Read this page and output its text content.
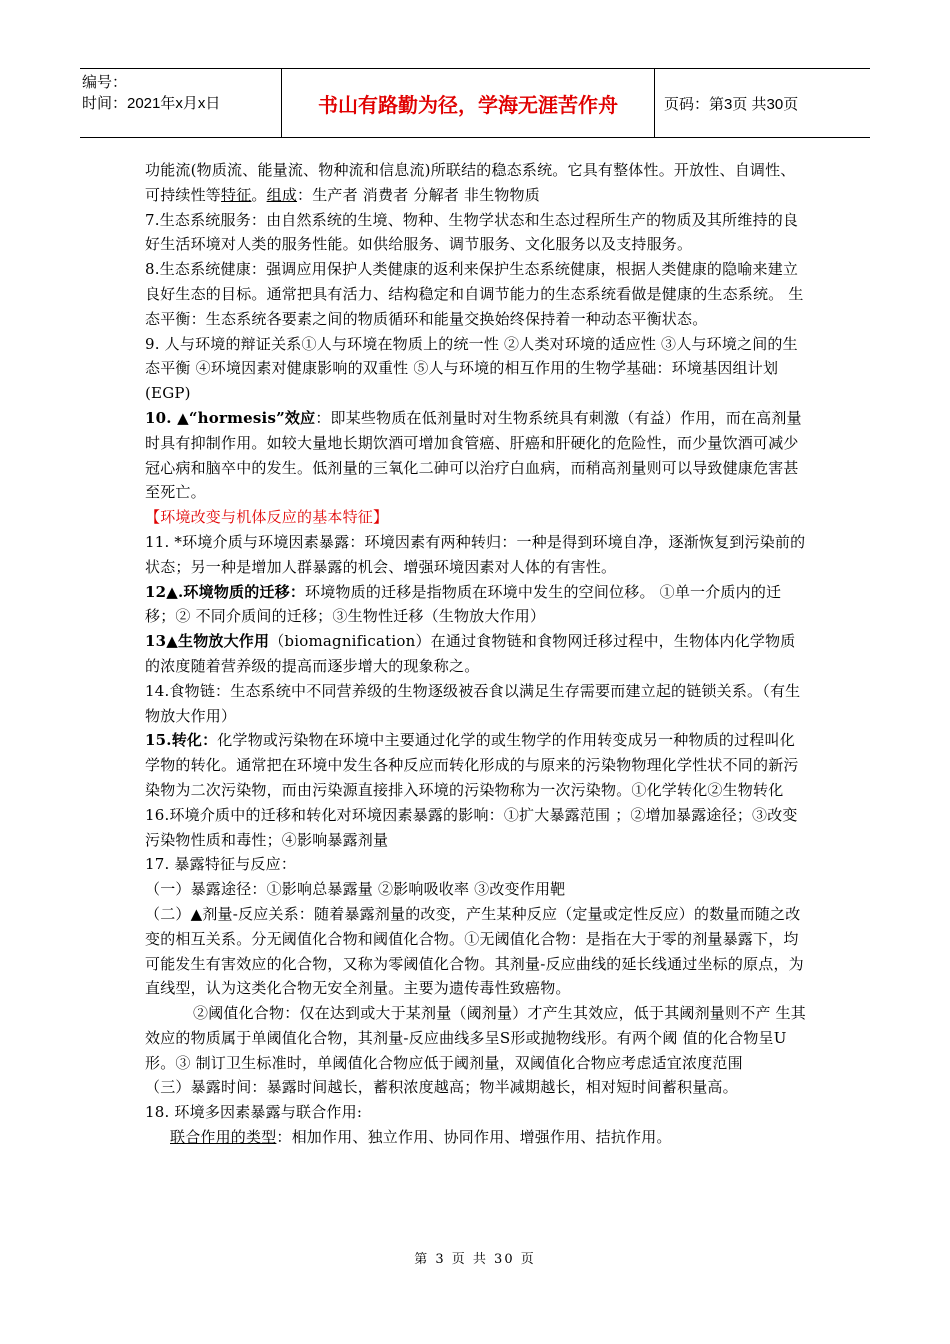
编号：
时间：2021年x月x日	书山有路勤为径，学海无涯苦作舟	页码：第3页 共30页

功能流(物质流、能量流、物种流和信息流)所联结的稳态系统。它具有整体性。开放性、自调性、可持续性等特征。组成：生产者 消费者 分解者 非生物物质

7.生态系统服务：由自然系统的生境、物种、生物学状态和生态过程所生产的物质及其所维持的良好生活环境对人类的服务性能。如供给服务、调节服务、文化服务以及支持服务。

8.生态系统健康：强调应用保护人类健康的返利来保护生态系统健康，根据人类健康的隐喻来建立良好生态的目标。通常把具有活力、结构稳定和自调节能力的生态系统看做是健康的生态系统。 生态平衡：生态系统各要素之间的物质循环和能量交换始终保持着一种动态平衡状态。

9. 人与环境的辩证关系①人与环境在物质上的统一性 ②人类对环境的适应性 ③人与环境之间的生态平衡 ④环境因素对健康影响的双重性 ⑤人与环境的相互作用的生物学基础：环境基因组计划 (EGP)

10. ▲“hormesis”效应：即某些物质在低剂量时对生物系统具有刺激（有益）作用，而在高剂量时具有抑制作用。如较大量地长期饮酒可增加食管癌、肝癌和肝硬化的危险性，而少量饮酒可减少冠心病和脑卒中的发生。低剂量的三氧化二砷可以治疗白血病，而稍高剂量则可以导致健康危害甚至死亡。

【环境改变与机体反应的基本特征】

11. *环境介质与环境因素暴露：环境因素有两种转归：一种是得到环境自净，逐渐恢复到污染前的状态；另一种是增加人群暴露的机会、增强环境因素对人体的有害性。

12▲.环境物质的迁移：环境物质的迁移是指物质在环境中发生的空间位移。 ①单一介质内的迁移；② 不同介质间的迁移；③生物性迁移（生物放大作用）

13▲生物放大作用（biomagnification）在通过食物链和食物网迁移过程中，生物体内化学物质的浓度随着营养级的提高而逐步增大的现象称之。

14.食物链：生态系统中不同营养级的生物逐级被吞食以满足生存需要而建立起的链锁关系。（有生物放大作用）

15.转化：化学物或污染物在环境中主要通过化学的或生物学的作用转变成另一种物质的过程叫化学物的转化。通常把在环境中发生各种反应而转化形成的与原来的污染物物理化学性状不同的新污染物为二次污染物，而由污染源直接排入环境的污染物称为一次污染物。①化学转化②生物转化

16.环境介质中的迁移和转化对环境因素暴露的影响：①扩大暴露范围 ；②增加暴露途径；③改变污染物性质和毒性；④影响暴露剂量

17. 暴露特征与反应：

（一）暴露途径：①影响总暴露量 ②影响吸收率 ③改变作用靶

（二）▲剂量-反应关系：随着暴露剂量的改变，产生某种反应（定量或定性反应）的数量而随之改变的相互关系。分无阈值化合物和阈值化合物。①无阈值化合物：是指在大于零的剂量暴露下，均可能发生有害效应的化合物，又称为零阈值化合物。其剂量-反应曲线的延长线通过坐标的原点，为直线型，认为这类化合物无安全剂量。主要为遗传毒性致癌物。

②阈值化合物：仅在达到或大于某剂量（阈剂量）才产生其效应，低于其阈剂量则不产 生其效应的物质属于单阈值化合物，其剂量-反应曲线多呈S形或抛物线形。有两个阈 值的化合物呈U形。③ 制订卫生标准时，单阈值化合物应低于阈剂量，双阈值化合物应考虑适宜浓度范围

（三）暴露时间：暴露时间越长，蓄积浓度越高；物半减期越长，相对短时间蓄积量高。

18. 环境多因素暴露与联合作用:

联合作用的类型：相加作用、独立作用、协同作用、增强作用、拮抗作用。

第 3 页 共 30 页
